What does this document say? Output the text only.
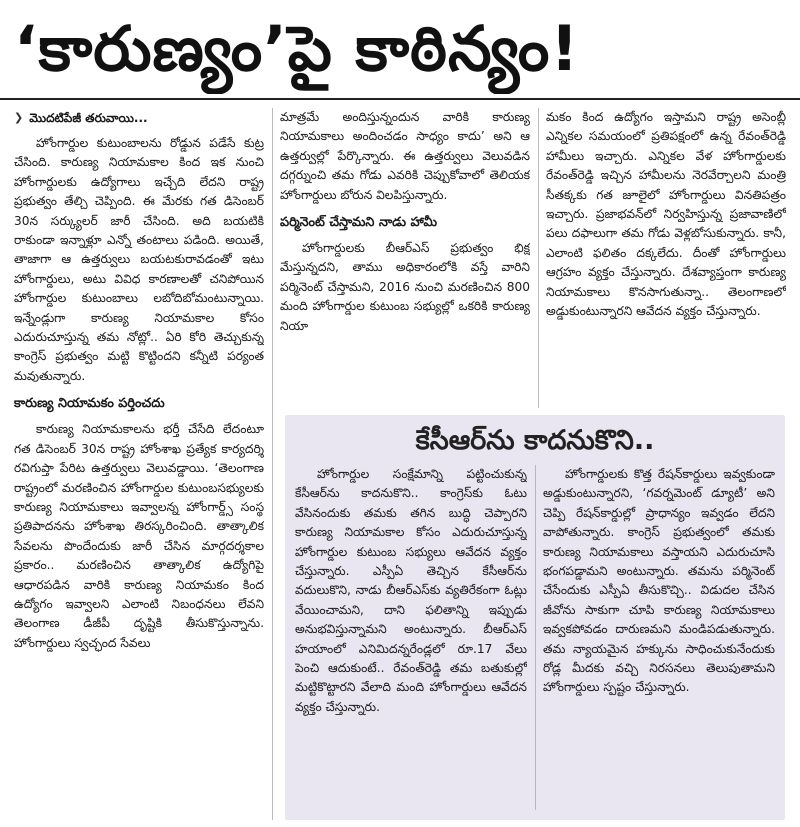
‘కారుణ్యం’పై కాఠిన్యం!
❯ మొదటిపేజీ తరువాయి...

హోంగార్డుల కుటుంబాలను రోడ్డున పడేసే కుట్ర చేసింది. కారుణ్య నియామకాల కింద ఇక నుంచి హోంగార్డులకు ఉద్యోగాలు ఇచ్చేది లేదని రాష్ట్ర ప్రభుత్వం తేల్చి చెప్పింది. ఈ మేరకు గత డిసెంబర్ 30న సర్క్యులర్ జారీ చేసింది. అది బయటికి రాకుండా ఇన్నాళ్లూ ఎన్నో తంటాలు పడింది. అయితే, తాజాగా ఆ ఉత్తర్వులు బయటకురావడంతో ఇటు హోంగార్డులు, అటు వివిధ కారణాలతో చనిపోయిన హోంగార్డుల కుటుంబాలు లబోదిబోమంటున్నాయి. ఇన్నేండ్లుగా కారుణ్య నియామకాల కోసం ఎదురుచూస్తున్న తమ నోట్లో.. ఏరి కోరి తెచ్చుకున్న కాంగ్రెస్ ప్రభుత్వం మట్టి కొట్టిందని కన్నీటి పర్యంత మవుతున్నారు.

కారుణ్య నియామకం పర్తించదు

కారుణ్య నియామకాలను భర్తీ చేసేది లేదంటూ గత డిసెంబర్ 30న రాష్ట్ర హోంశాఖ ప్రత్యేక కార్యదర్శి రవిగుప్తా పేరిట ఉత్తర్వులు వెలువడ్డాయి. ‘తెలంగాణ రాష్ట్రంలో మరణించిన హోంగార్డుల కుటుంబసభ్యులకు కారుణ్య నియామకాలు ఇవ్వాలన్న హోంగార్డ్స్ సంస్థ ప్రతిపాదనను హోంశాఖ తిరస్కరించింది. తాత్కాలిక సేవలను పొందేందుకు జారీ చేసిన మార్గదర్శకాల ప్రకారం.. మరణించిన తాత్కాలిక ఉద్యోగిపై ఆధారపడిన వారికి కారుణ్య నియామకం కింద ఉద్యోగం ఇవ్వాలని ఎలాంటి నిబంధనలు లేవని తెలంగాణ డీజీపీ దృష్టికి తీసుకొస్తున్నాను. హోంగార్డులు స్వచ్ఛంద సేవలు

మాత్రమే అందిస్తున్నందున వారికి కారుణ్య నియామకాలు అందించడం సాధ్యం కాదు’ అని ఆ ఉత్తర్వుల్లో పేర్కొన్నారు. ఈ ఉత్తర్వులు వెలువడిన దగ్గర్నుంచి తమ గోడు ఎవరికి చెప్పుకోవాలో తెలియక హోంగార్డులు బోరున విలపిస్తున్నారు.

పర్మినెంట్ చేస్తామని నాడు హామీ

హోంగార్డులకు బీఆర్ఎస్ ప్రభుత్వం భిక్ష మేస్తున్నదని, తాము అధికారంలోకి వస్తే వారిని పర్మినెంట్ చేస్తామని, 2016 నుంచి మరణించిన 800 మంది హోంగార్డుల కుటుంబ సభ్యుల్లో ఒకరికి కారుణ్య నియా

మకం కింద ఉద్యోగం ఇస్తామని రాష్ట్ర అసెంబ్లీ ఎన్నికల సమయంలో ప్రతిపక్షంలో ఉన్న రేవంత్‌రెడ్డి హామీలు ఇచ్చారు. ఎన్నికల వేళ హోంగార్డులకు రేవంత్‌రెడ్డి ఇచ్చిన హామీలను నెరవేర్చాలని మంత్రి సీతక్కకు గత జూలైలో హోంగార్డులు వినతిపత్రం ఇచ్చారు. ప్రజాభవన్‌లో నిర్వహిస్తున్న ప్రజావాణిలో పలు దఫాలుగా తమ గోడు వెళ్లబోసుకున్నారు. కానీ, ఎలాంటి ఫలితం దక్కలేదు. దీంతో హోంగార్డులు ఆగ్రహం వ్యక్తం చేస్తున్నారు. దేశవ్యాప్తంగా కారుణ్య నియామకాలు కొనసాగుతున్నా.. తెలంగాణలో అడ్డుకుంటున్నారని ఆవేదన వ్యక్తం చేస్తున్నారు.

కేసీఆర్‌ను కాదనుకొని..

హోంగార్డుల సంక్షేమాన్ని పట్టించుకున్న కేసీఆర్‌ను కాదనుకొని.. కాంగ్రెస్‌కు ఓటు వేసినందుకు తమకు తగిన బుద్ధి చెప్పారని కారుణ్య నియామకాల కోసం ఎదురుచూస్తున్న హోంగార్డుల కుటుంబ సభ్యులు ఆవేదన వ్యక్తం చేస్తున్నారు. ఎస్పీఏ తెచ్చిన కేసీఆర్‌ను వదులుకొని, నాడు బీఆర్ఎస్‌కు వ్యతిరేకంగా ఓట్లు వేయించామని, దాని ఫలితాన్ని ఇప్పుడు అనుభవిస్తున్నామని అంటున్నారు. బీఆర్ఎస్ హయాంలో ఎనిమిదన్నరేండ్లలో రూ.17 వేలు పెంచి ఆదుకుంటే.. రేవంత్‌రెడ్డి తమ బతుకుల్లో మట్టికొట్టారని వేలాది మంది హోంగార్డులు ఆవేదన వ్యక్తం చేస్తున్నారు.

హోంగార్డులకు కొత్త రేషన్‌కార్డులు ఇవ్వకుండా అడ్డుకుంటున్నారని, ‘గవర్నమెంట్ డ్యూటీ’ అని చెప్పి రేషన్‌కార్డుల్లో ప్రాధాన్యం ఇవ్వడం లేదని వాపోతున్నారు. కాంగ్రెస్ ప్రభుత్వంలో తమకు కారుణ్య నియామకాలు వస్తాయని ఎదురుచూసి భంగపడ్డామని అంటున్నారు. తమను పర్మినెంట్ చేసేందుకు ఎస్పీఏ తీసుకొచ్చి.. విడుదల చేసిన జీవోను సాకుగా చూపి కారుణ్య నియామకాలు ఇవ్వకపోవడం దారుణమని మండిపడుతున్నారు. తమ న్యాయమైన హక్కును సాధించుకునేందుకు రోడ్ల మీదకు వచ్చి నిరసనలు తెలుపుతామని హోంగార్డులు స్పష్టం చేస్తున్నారు.
